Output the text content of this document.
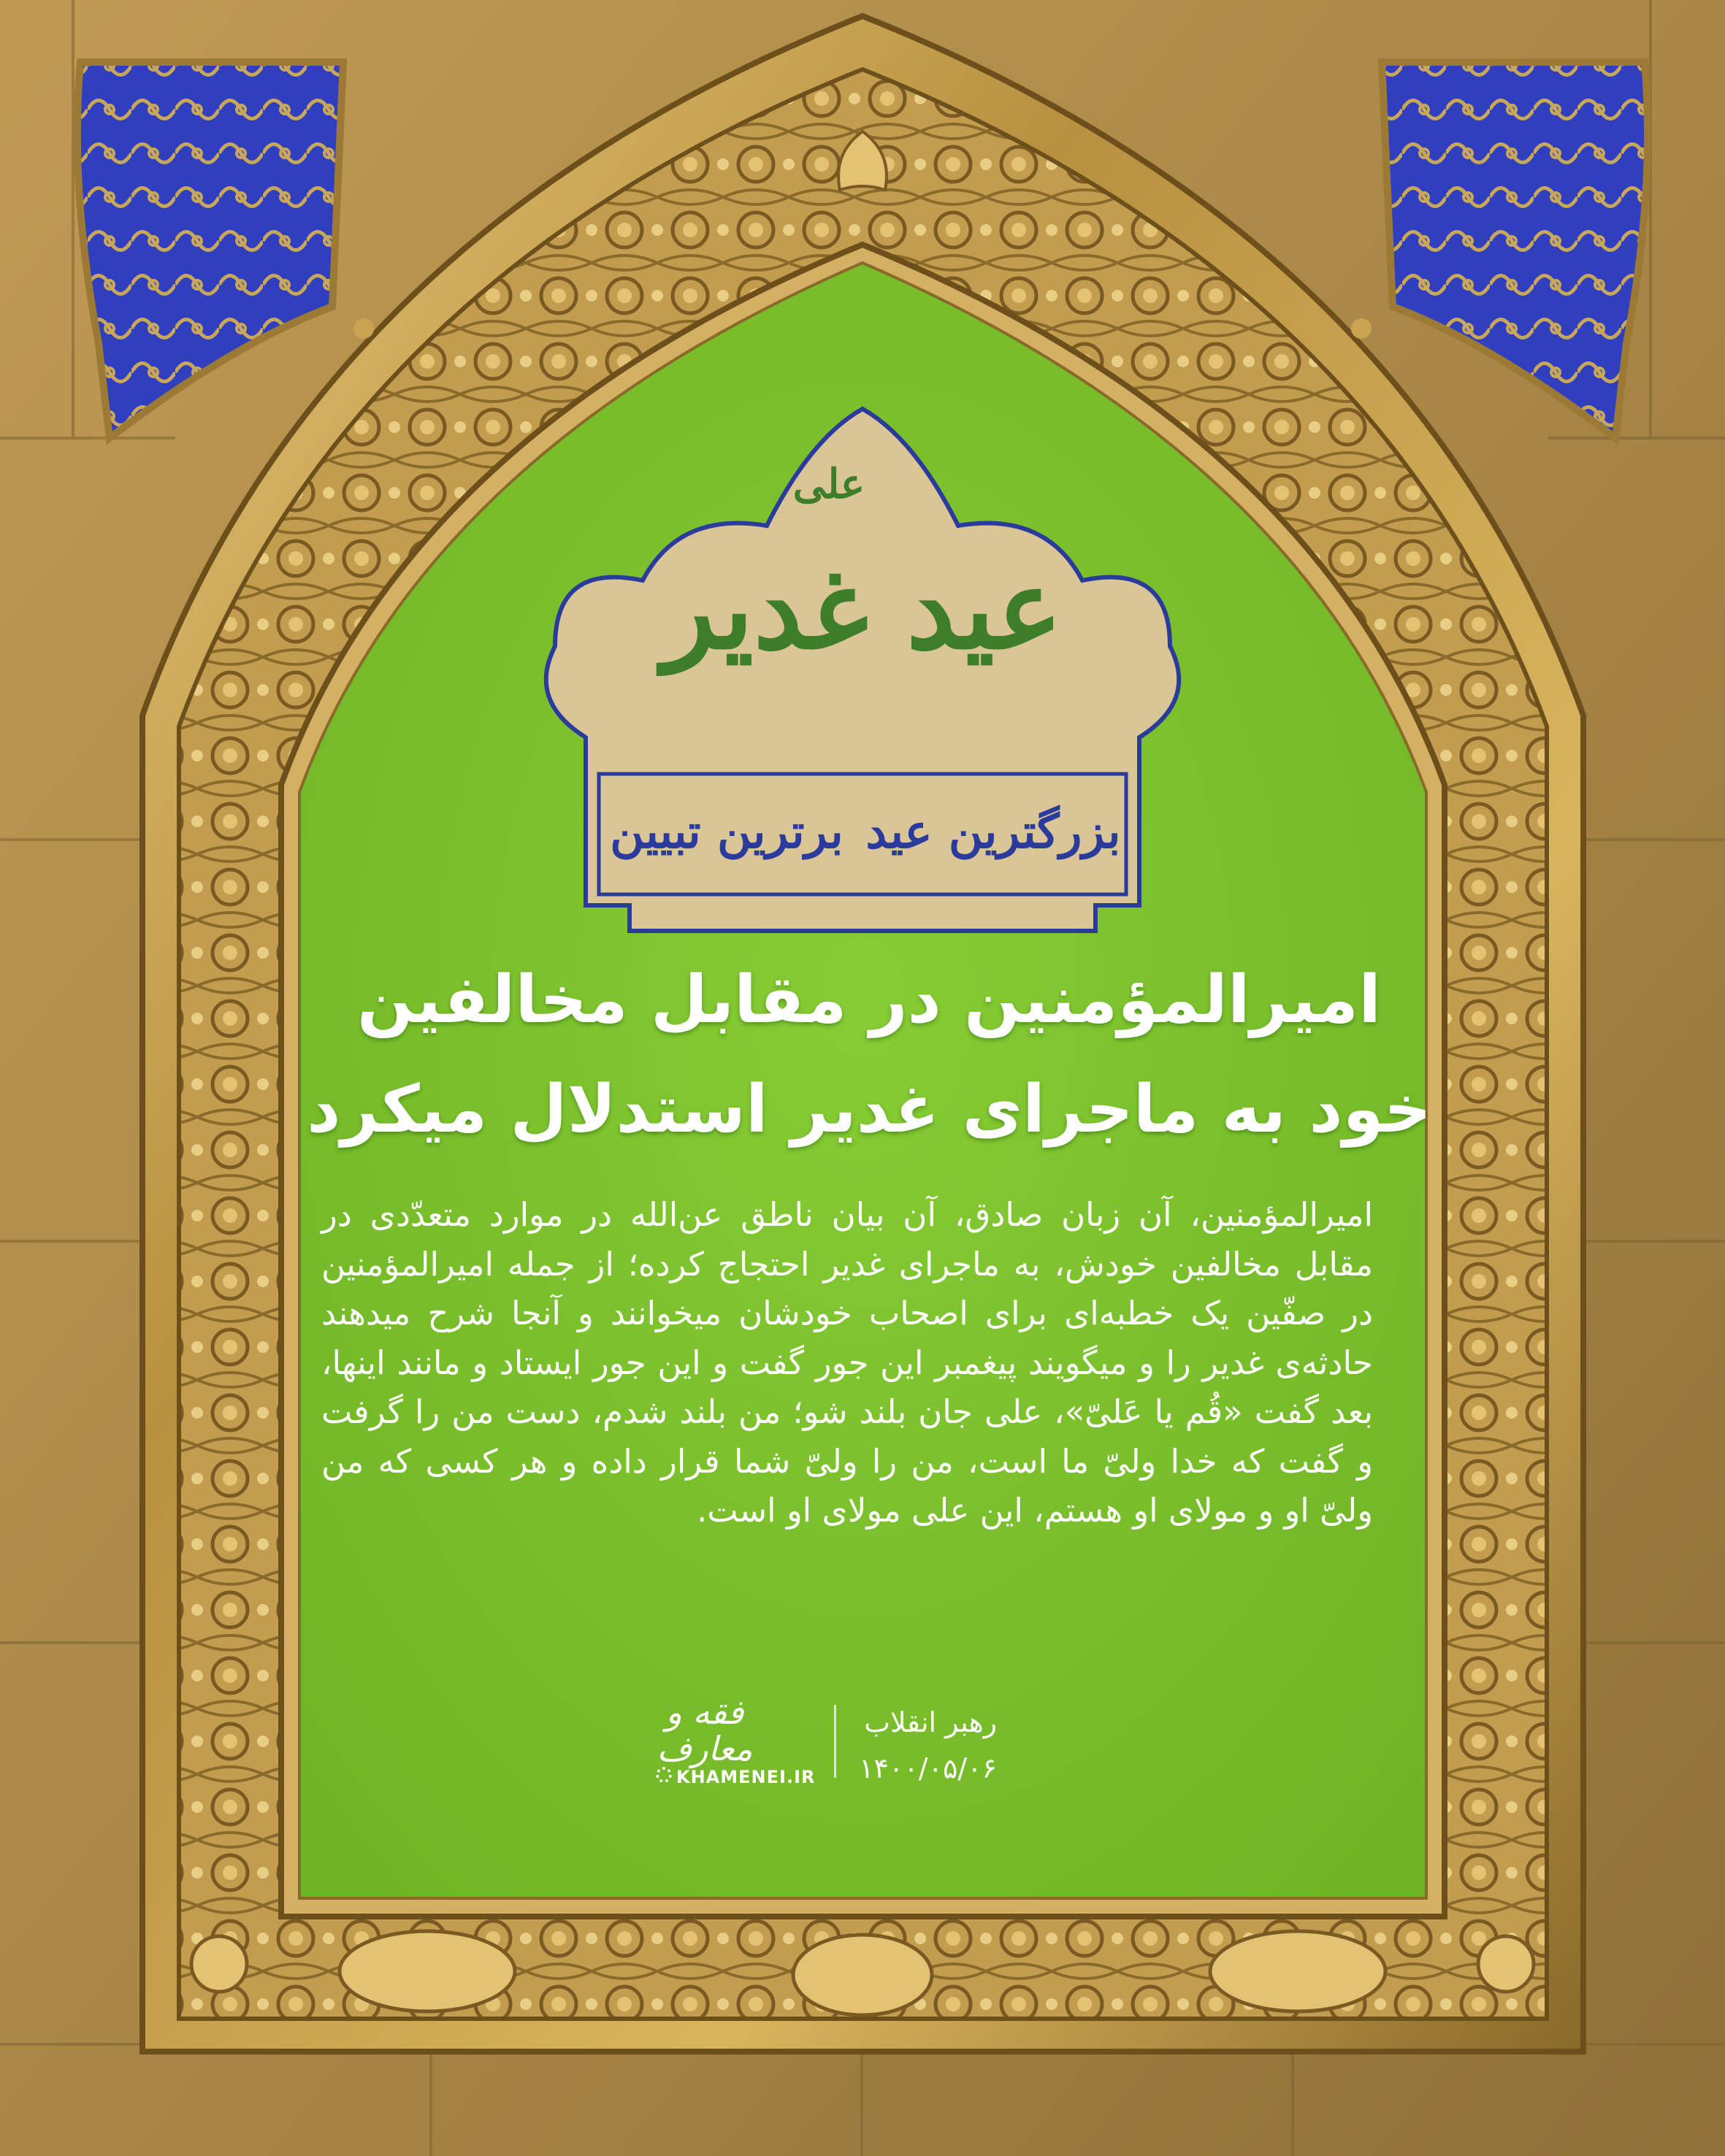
علی
عید غدیر
بزرگترین عید
برترین تبیین
امیرالمؤمنین در مقابل مخالفین
خود به ماجرای غدیر استدلال میکرد

امیرالمؤمنین، آن زبان صادق، آن بیان ناطق عن‌الله در موارد متعدّدی در مقابل مخالفین خودش، به ماجرای غدیر احتجاج کرده؛ از جمله امیرالمؤمنین در صفّین یک خطبه‌ای برای اصحاب خودشان میخوانند و آنجا شرح میدهند حادثه‌ی غدیر را و میگویند پیغمبر این جور گفت و این جور ایستاد و مانند اینها، بعد گفت «قُم یا عَلیّ»، علی جان بلند شو؛ من بلند شدم، دست من را گرفت و گفت که خدا ولیّ ما است، من را ولیّ شما قرار داده و هر کسی که من ولیّ او و مولای او هستم، این علی مولای او است.

رهبر انقلاب
۱۴۰۰/۰۵/۰۶
فقه و معارف
KHAMENEI.IR
